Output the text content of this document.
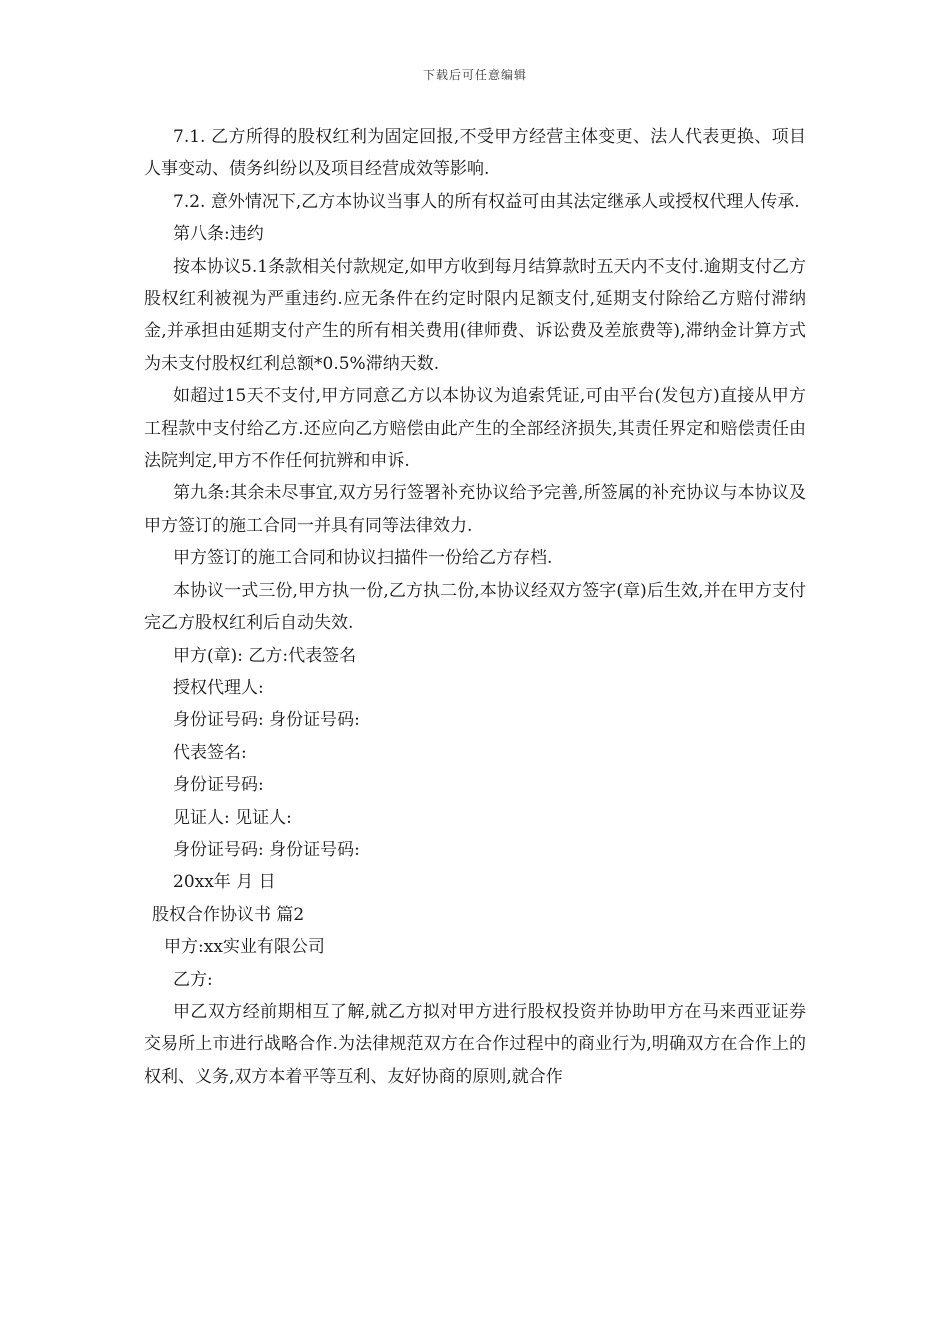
下载后可任意编辑

7.1. 乙方所得的股权红利为固定回报,不受甲方经营主体变更、法人代表更换、项目人事变动、债务纠纷以及项目经营成效等影响.

7.2. 意外情况下,乙方本协议当事人的所有权益可由其法定继承人或授权代理人传承.

第八条:违约

按本协议5.1条款相关付款规定,如甲方收到每月结算款时五天内不支付.逾期支付乙方股权红利被视为严重违约.应无条件在约定时限内足额支付,延期支付除给乙方赔付滞纳金,并承担由延期支付产生的所有相关费用(律师费、诉讼费及差旅费等),滞纳金计算方式为未支付股权红利总额*0.5%滞纳天数.

如超过15天不支付,甲方同意乙方以本协议为追索凭证,可由平台(发包方)直接从甲方工程款中支付给乙方.还应向乙方赔偿由此产生的全部经济损失,其责任界定和赔偿责任由法院判定,甲方不作任何抗辨和申诉.

第九条:其余未尽事宜,双方另行签署补充协议给予完善,所签属的补充协议与本协议及甲方签订的施工合同一并具有同等法律效力.

甲方签订的施工合同和协议扫描件一份给乙方存档.

本协议一式三份,甲方执一份,乙方执二份,本协议经双方签字(章)后生效,并在甲方支付完乙方股权红利后自动失效.

甲方(章): 乙方:代表签名

授权代理人:

身份证号码: 身份证号码:

代表签名:

身份证号码:

见证人: 见证人:

身份证号码: 身份证号码:

20xx年 月 日

股权合作协议书 篇2

甲方:xx实业有限公司

乙方:

甲乙双方经前期相互了解,就乙方拟对甲方进行股权投资并协助甲方在马来西亚证券交易所上市进行战略合作.为法律规范双方在合作过程中的商业行为,明确双方在合作上的权利、义务,双方本着平等互利、友好协商的原则,就合作
